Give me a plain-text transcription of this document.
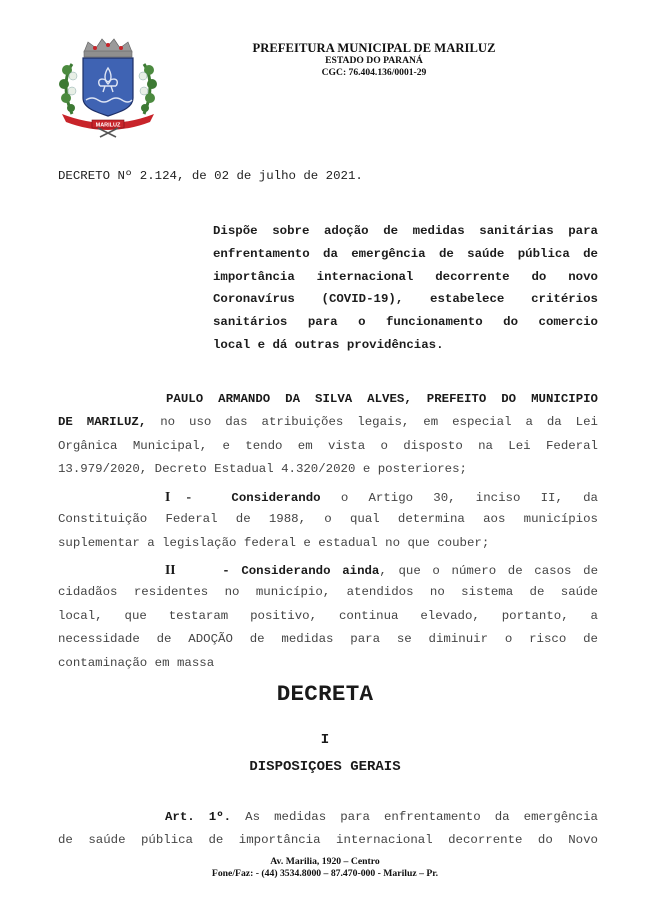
MARILUZ
PREFEITURA MUNICIPAL DE MARILUZ
ESTADO DO PARANÁ
CGC: 76.404.136/0001-29
DECRETO Nº 2.124, de 02 de julho de 2021.
Dispõe sobre adoção de medidas sanitárias para
enfrentamento da emergência de saúde pública de
importância internacional decorrente do novo
Coronavírus (COVID-19), estabelece critérios
sanitários para o funcionamento do comercio
local e dá outras providências.
PAULO ARMANDO DA SILVA ALVES, PREFEITO DO MUNICIPIO
DE MARILUZ, no uso das atribuições legais, em especial a da Lei
Orgânica Municipal, e tendo em vista o disposto na Lei Federal
13.979/2020, Decreto Estadual 4.320/2020 e posteriores;
I -	Considerando o Artigo 30, inciso II, da
Constituição Federal de 1988, o qual determina aos municípios
suplementar a legislação federal e estadual no que couber;
II	- Considerando ainda, que o número de casos de
cidadãos residentes no município, atendidos no sistema de saúde
local, que testaram positivo, continua elevado, portanto, a
necessidade de ADOÇÃO de medidas para se diminuir o risco de
contaminação em massa
DECRETA
I
DISPOSIÇOES GERAIS
Art. 1º. As medidas para enfrentamento da emergência
de saúde pública de importância internacional decorrente do Novo
Av. Marilia, 1920 – Centro
Fone/Faz: - (44) 3534.8000 – 87.470-000 - Mariluz – Pr.
